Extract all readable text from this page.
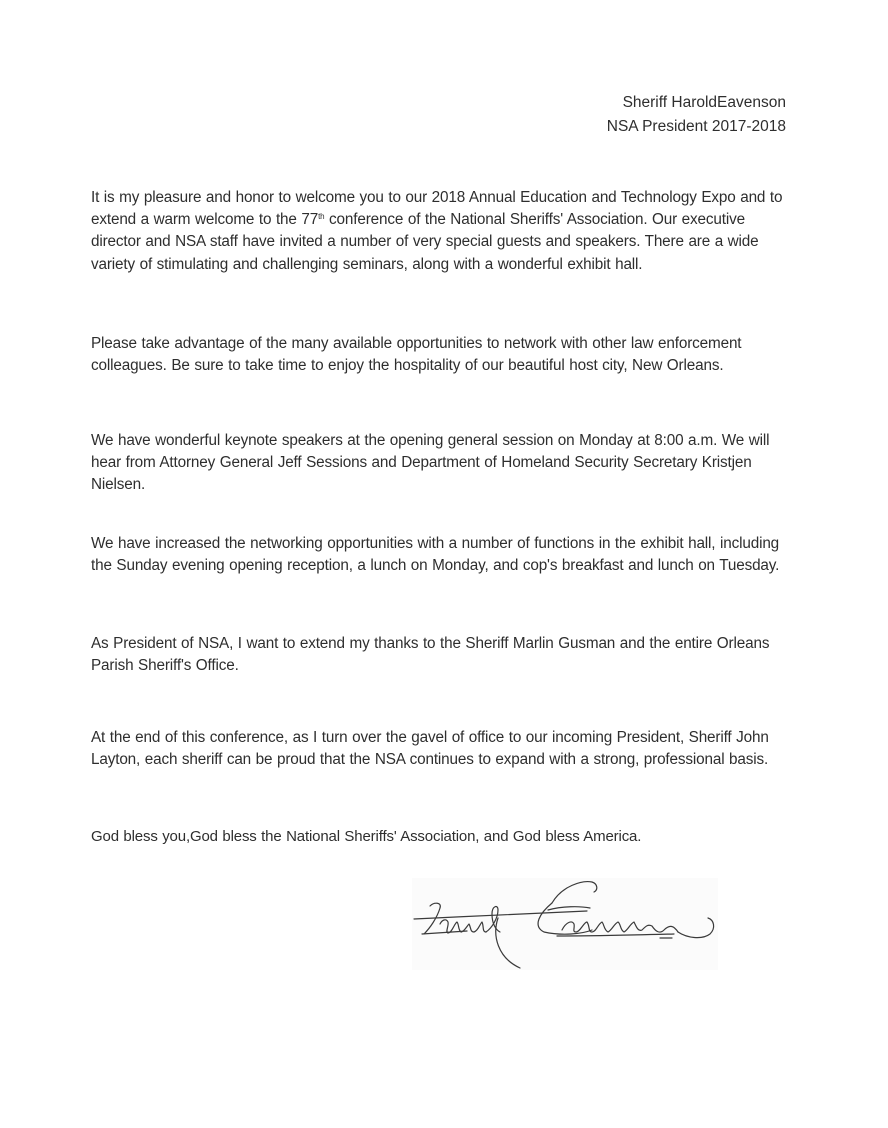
Sheriff HaroldEavenson
NSA President 2017-2018
It is my pleasure and honor to welcome you to our 2018 Annual Education and Technology Expo and to extend a warm welcome to the 77th conference of the National Sheriffs' Association. Our executive director and NSA staff have invited a number of very special guests and speakers. There are a wide variety of stimulating and challenging seminars, along with a wonderful exhibit hall.
Please take advantage of the many available opportunities to network with other law enforcement colleagues. Be sure to take time to enjoy the hospitality of our beautiful host city, New Orleans.
We have wonderful keynote speakers at the opening general session on Monday at 8:00 a.m. We will hear from Attorney General Jeff Sessions and Department of Homeland Security Secretary Kristjen Nielsen.
We have increased the networking opportunities with a number of functions in the exhibit hall, including the Sunday evening opening reception, a lunch on Monday, and cop's breakfast and lunch on Tuesday.
As President of NSA, I want to extend my thanks to the Sheriff Marlin Gusman and the entire Orleans Parish Sheriff's Office.
At the end of this conference, as I turn over the gavel of office to our incoming President, Sheriff John Layton, each sheriff can be proud that the NSA continues to expand with a strong, professional basis.
God bless you,God bless the National Sheriffs' Association, and God bless America.
